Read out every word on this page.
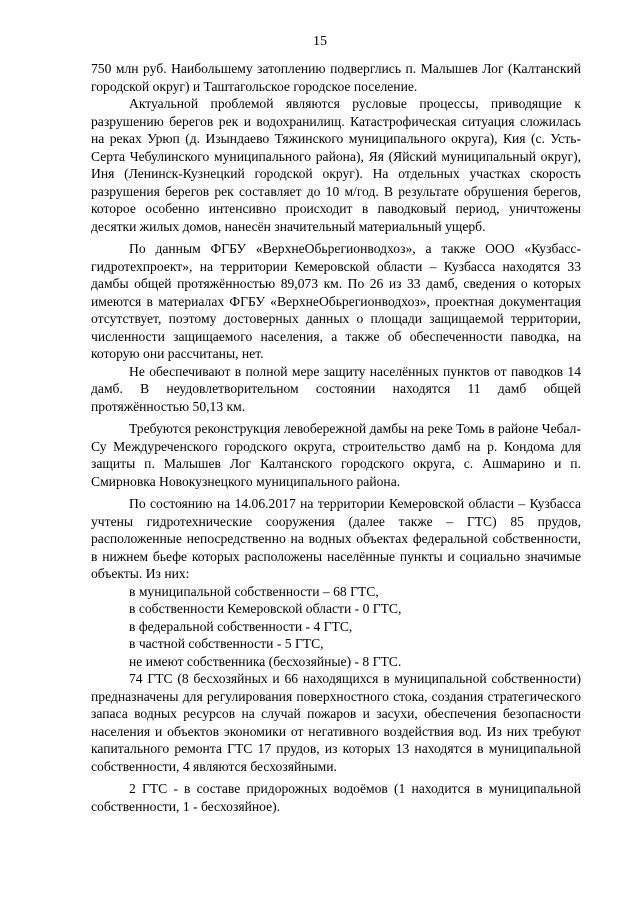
15

750 млн руб. Наибольшему затоплению подверглись п. Малышев Лог (Калтанский городской округ) и Таштагольское городское поселение.

Актуальной проблемой являются русловые процессы, приводящие к разрушению берегов рек и водохранилищ. Катастрофическая ситуация сложилась на реках Урюп (д. Изындаево Тяжинского муниципального округа), Кия (с. Усть-Серта Чебулинского муниципального района), Яя (Яйский муниципальный округ), Иня (Ленинск-Кузнецкий городской округ). На отдельных участках скорость разрушения берегов рек составляет до 10 м/год. В результате обрушения берегов, которое особенно интенсивно происходит в паводковый период, уничтожены десятки жилых домов, нанесён значительный материальный ущерб.

По данным ФГБУ «ВерхнеОбьрегионводхоз», а также ООО «Кузбасс-гидротехпроект», на территории Кемеровской области – Кузбасса находятся 33 дамбы общей протяжённостью 89,073 км. По 26 из 33 дамб, сведения о которых имеются в материалах ФГБУ «ВерхнеОбьрегионводхоз», проектная документация отсутствует, поэтому достоверных данных о площади защищаемой территории, численности защищаемого населения, а также об обеспеченности паводка, на которую они рассчитаны, нет.

Не обеспечивают в полной мере защиту населённых пунктов от паводков 14 дамб. В неудовлетворительном состоянии находятся 11 дамб общей протяжённостью 50,13 км.

Требуются реконструкция левобережной дамбы на реке Томь в районе Чебал-Су Междуреченского городского округа, строительство дамб на р. Кондома для защиты п. Малышев Лог Калтанского городского округа, с. Ашмарино и п. Смирновка Новокузнецкого муниципального района.

По состоянию на 14.06.2017 на территории Кемеровской области – Кузбасса учтены гидротехнические сооружения (далее также – ГТС) 85 прудов, расположенные непосредственно на водных объектах федеральной собственности, в нижнем бьефе которых расположены населённые пункты и социально значимые объекты. Из них:

в муниципальной собственности – 68 ГТС,

в собственности Кемеровской области - 0 ГТС,

в федеральной собственности - 4 ГТС,

в частной собственности - 5 ГТС,

не имеют собственника (бесхозяйные) - 8 ГТС.

74 ГТС (8 бесхозяйных и 66 находящихся в муниципальной собственности) предназначены для регулирования поверхностного стока, создания стратегического запаса водных ресурсов на случай пожаров и засухи, обеспечения безопасности населения и объектов экономики от негативного воздействия вод. Из них требуют капитального ремонта ГТС 17 прудов, из которых 13 находятся в муниципальной собственности, 4 являются бесхозяйными.

2 ГТС - в составе придорожных водоёмов (1 находится в муниципальной собственности, 1 - бесхозяйное).
